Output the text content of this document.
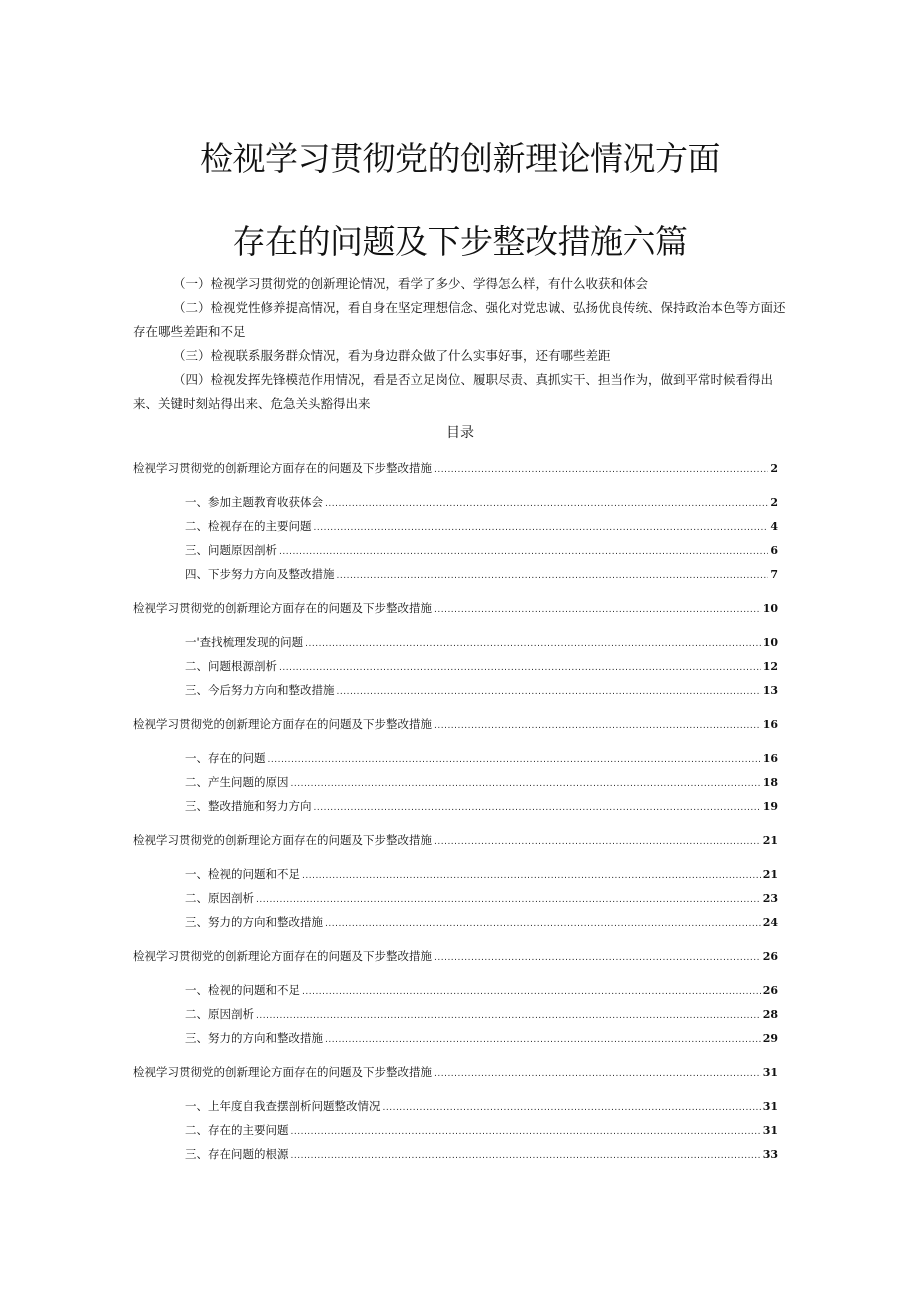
检视学习贯彻党的创新理论情况方面
存在的问题及下步整改措施六篇

（一）检视学习贯彻党的创新理论情况，看学了多少、学得怎么样，有什么收获和体会

（二）检视党性修养提高情况，看自身在坚定理想信念、强化对党忠诚、弘扬优良传统、保持政治本色等方面还存在哪些差距和不足

（三）检视联系服务群众情况，看为身边群众做了什么实事好事，还有哪些差距

（四）检视发挥先锋模范作用情况，看是否立足岗位、履职尽责、真抓实干、担当作为，做到平常时候看得出来、关键时刻站得出来、危急关头豁得出来

目录
检视学习贯彻党的创新理论方面存在的问题及下步整改措施 .....	2
一、参加主题教育收获体会 .....	2
二、检视存在的主要问题 .....	4
三、问题原因剖析 .....	6
四、下步努力方向及整改措施 .....	7
检视学习贯彻党的创新理论方面存在的问题及下步整改措施 .....	10
一'查找梳理发现的问题 .....	10
二、问题根源剖析 .....	12
三、今后努力方向和整改措施 .....	13
检视学习贯彻党的创新理论方面存在的问题及下步整改措施 .....	16
一、存在的问题 .....	16
二、产生问题的原因 .....	18
三、整改措施和努力方向 .....	19
检视学习贯彻党的创新理论方面存在的问题及下步整改措施 .....	21
一、检视的问题和不足 .....	21
二、原因剖析 .....	23
三、努力的方向和整改措施 .....	24
检视学习贯彻党的创新理论方面存在的问题及下步整改措施 .....	26
一、检视的问题和不足 .....	26
二、原因剖析 .....	28
三、努力的方向和整改措施 .....	29
检视学习贯彻党的创新理论方面存在的问题及下步整改措施 .....	31
一、上年度自我查摆剖析问题整改情况 .....	31
二、存在的主要问题 .....	31
三、存在问题的根源 .....	33
